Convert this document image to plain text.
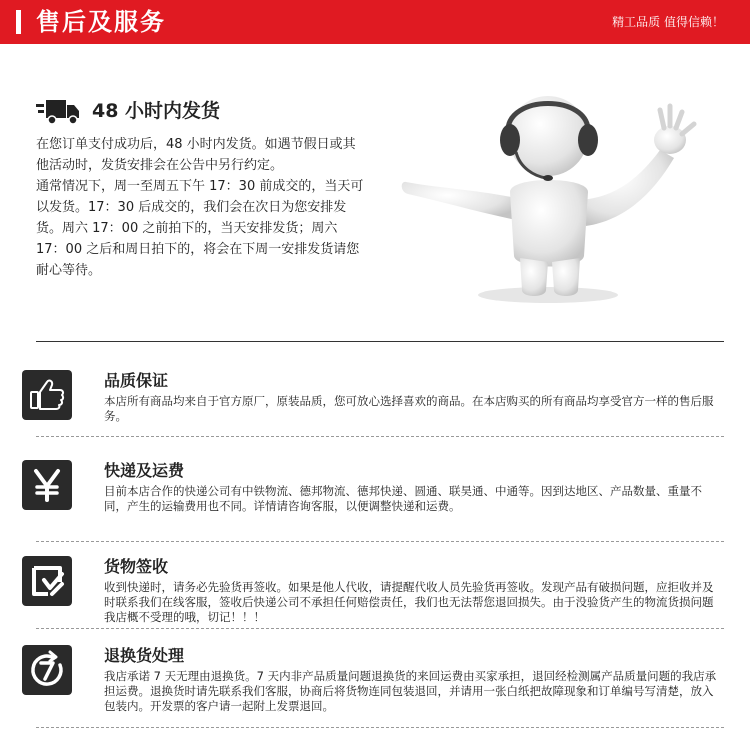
售后及服务	精工品质 值得信赖！
48 小时内发货

在您订单支付成功后，48 小时内发货。如遇节假日或其他活动时，发货安排会在公告中另行约定。

通常情况下，周一至周五下午 17：30 前成交的，当天可以发货。17：30 后成交的，我们会在次日为您安排发货。周六 17：00 之前拍下的，当天安排发货；周六 17：00 之后和周日拍下的，将会在下周一安排发货请您耐心等待。

品质保证
本店所有商品均来自于官方原厂，原装品质，您可放心选择喜欢的商品。在本店购买的所有商品均享受官方一样的售后服务。
快递及运费
目前本店合作的快递公司有中铁物流、德邦物流、德邦快递、圆通、联昊通、中通等。因到达地区、产品数量、重量不同，产生的运输费用也不同。详情请咨询客服，以便调整快递和运费。
货物签收
收到快递时，请务必先验货再签收。如果是他人代收，请提醒代收人员先验货再签收。发现产品有破损问题，应拒收并及时联系我们在线客服，签收后快递公司不承担任何赔偿责任，我们也无法帮您退回损失。由于没验货产生的物流货损问题我店概不受理的哦，切记！！！
退换货处理
我店承诺 7 天无理由退换货。7 天内非产品质量问题退换货的来回运费由买家承担，退回经检测属产品质量问题的我店承担运费。退换货时请先联系我们客服，协商后将货物连同包装退回，并请用一张白纸把故障现象和订单编号写清楚，放入包装内。开发票的客户请一起附上发票退回。
